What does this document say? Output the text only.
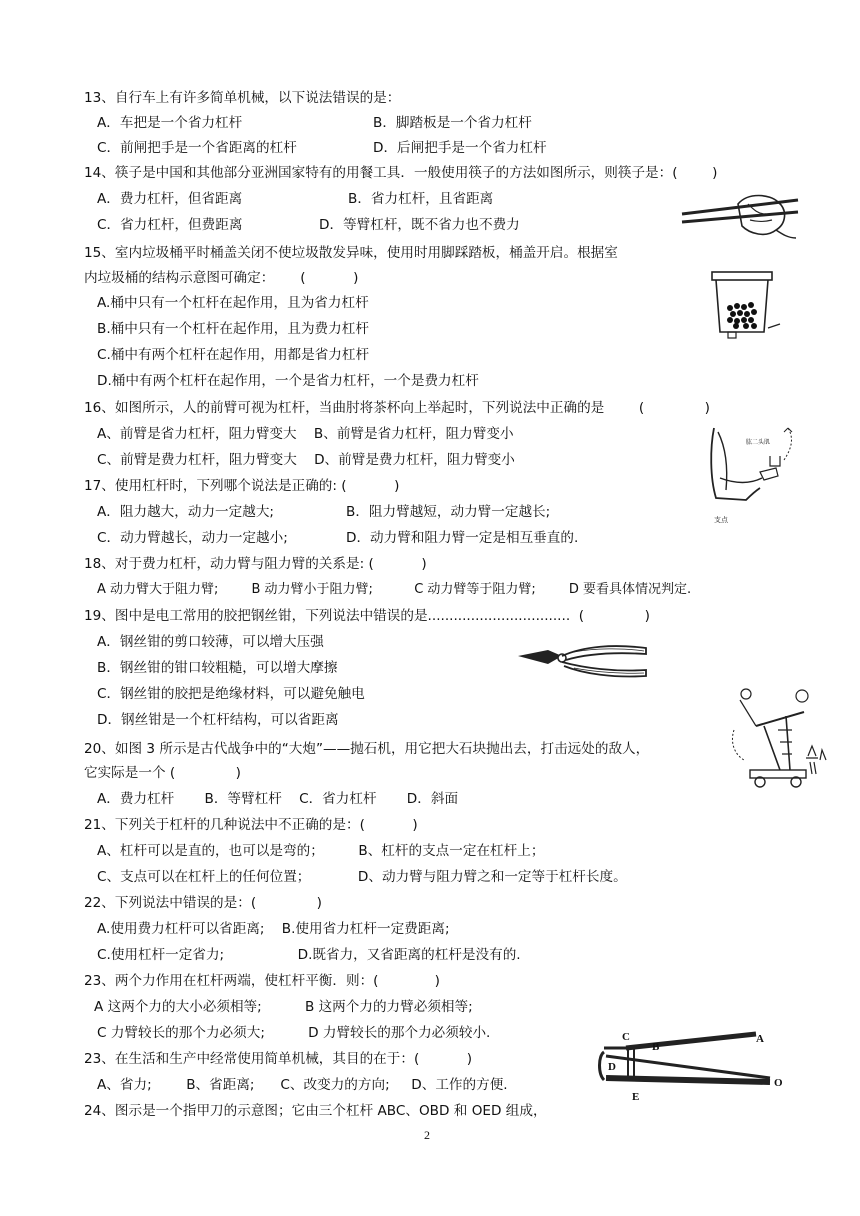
13、自行车上有许多简单机械，以下说法错误的是：
A．车把是一个省力杠杆	B．脚踏板是一个省力杠杆
C．前闸把手是一个省距离的杠杆	D．后闸把手是一个省力杠杆
14、筷子是中国和其他部分亚洲国家特有的用餐工具．一般使用筷子的方法如图所示，则筷子是：(        )
A．费力杠杆，但省距离	B．省力杠杆，且省距离
C．省力杠杆，但费距离	D．等臂杠杆，既不省力也不费力
15、室内垃圾桶平时桶盖关闭不使垃圾散发异味，使用时用脚踩踏板，桶盖开启。根据室
内垃圾桶的结构示意图可确定：      (           )
A.桶中只有一个杠杆在起作用，且为省力杠杆
B.桶中只有一个杠杆在起作用，且为费力杠杆
C.桶中有两个杠杆在起作用，用都是省力杠杆
D.桶中有两个杠杆在起作用，一个是省力杠杆，一个是费力杠杆
16、如图所示，人的前臂可视为杠杆，当曲肘将茶杯向上举起时，下列说法中正确的是        (              )
A、前臂是省力杠杆，阻力臂变大    B、前臂是省力杠杆，阻力臂变小
C、前臂是费力杠杆，阻力臂变大    D、前臂是费力杠杆，阻力臂变小
肱二头肌
支点
17、使用杠杆时，下列哪个说法是正确的: (           )
A．阻力越大，动力一定越大;	B．阻力臂越短，动力臂一定越长;
C．动力臂越长，动力一定越小;	D．动力臂和阻力臂一定是相互垂直的.
18、对于费力杠杆，动力臂与阻力臂的关系是: (           )
A 动力臂大于阻力臂;        B 动力臂小于阻力臂;          C 动力臂等于阻力臂;        D 要看具体情况判定.
19、图中是电工常用的胶把钢丝钳，下列说法中错误的是.................................  (              )
A．钢丝钳的剪口较薄，可以增大压强
B．钢丝钳的钳口较粗糙，可以增大摩擦
C．钢丝钳的胶把是绝缘材料，可以避免触电
D．钢丝钳是一个杠杆结构，可以省距离
20、如图 3 所示是古代战争中的“大炮”——抛石机，用它把大石块抛出去，打击远处的敌人，
它实际是一个 (              )
A．费力杠杆       B．等臂杠杆    C．省力杠杆       D．斜面
21、下列关于杠杆的几种说法中不正确的是：(           )
A、杠杆可以是直的，也可以是弯的；        B、杠杆的支点一定在杠杆上；
C、支点可以在杠杆上的任何位置；           D、动力臂与阻力臂之和一定等于杠杆长度。
22、下列说法中错误的是：(              )
A.使用费力杠杆可以省距离;    B.使用省力杠杆一定费距离;
C.使用杠杆一定省力;                 D.既省力，又省距离的杠杆是没有的.
23、两个力作用在杠杆两端，使杠杆平衡．则：(             )
A 这两个力的大小必须相等;          B 这两个力的力臂必须相等;
C 力臂较长的那个力必须大;          D 力臂较长的那个力必须较小.
23、在生活和生产中经常使用简单机械，其目的在于：(           )
A、省力;        B、省距离;      C、改变力的方向;     D、工作的方便.
C
B
A
D
E
O
24、图示是一个指甲刀的示意图；它由三个杠杆 ABC、OBD 和 OED 组成，
2
